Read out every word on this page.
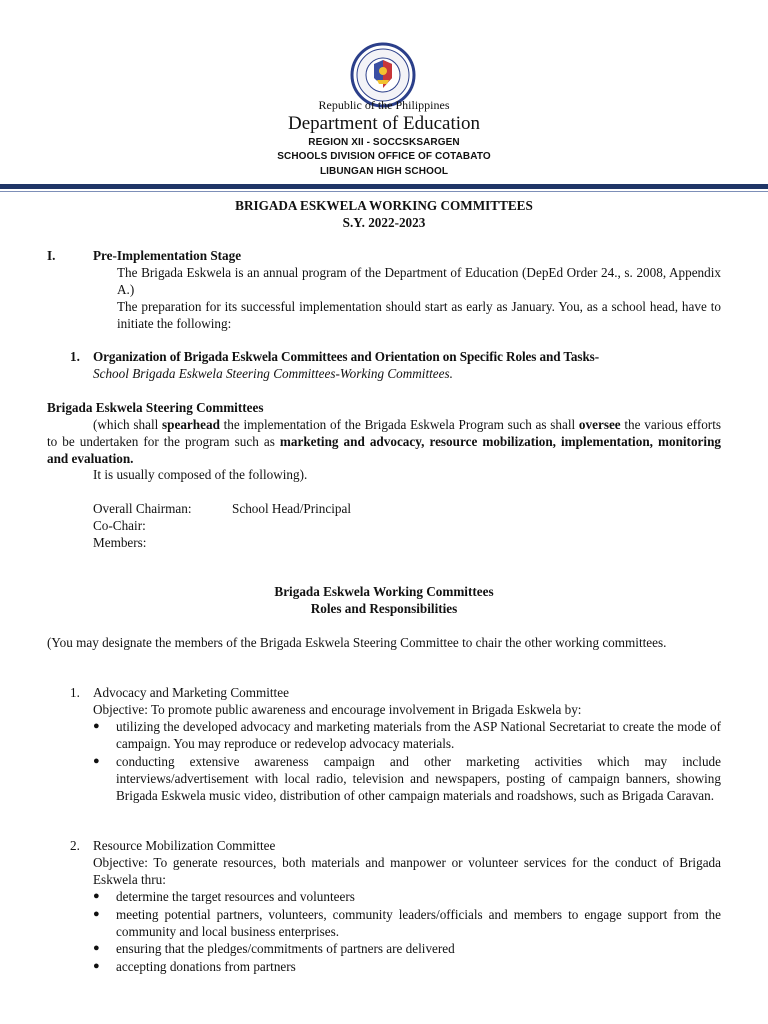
Republic of the Philippines
Department of Education
REGION XII - SOCCSKSARGEN
SCHOOLS DIVISION OFFICE OF COTABATO
LIBUNGAN HIGH SCHOOL
BRIGADA ESKWELA WORKING COMMITTEES
S.Y. 2022-2023
I.	Pre-Implementation Stage
The Brigada Eskwela is an annual program of the Department of Education (DepEd Order 24., s. 2008, Appendix A.)
The preparation for its successful implementation should start as early as January. You, as a school head, have to initiate the following:
1. Organization of Brigada Eskwela Committees and Orientation on Specific Roles and Tasks-
School Brigada Eskwela Steering Committees-Working Committees.
Brigada Eskwela Steering Committees
(which shall spearhead the implementation of the Brigada Eskwela Program such as shall oversee the various efforts to be undertaken for the program such as marketing and advocacy, resource mobilization, implementation, monitoring and evaluation.
It is usually composed of the following).
Overall Chairman:	School Head/Principal
Co-Chair:
Members:
Brigada Eskwela Working Committees
Roles and Responsibilities
(You may designate the members of the Brigada Eskwela Steering Committee to chair the other working committees.
1. Advocacy and Marketing Committee
Objective: To promote public awareness and encourage involvement in Brigada Eskwela by:
● utilizing the developed advocacy and marketing materials from the ASP National Secretariat to create the mode of campaign. You may reproduce or redevelop advocacy materials.
● conducting extensive awareness campaign and other marketing activities which may include interviews/advertisement with local radio, television and newspapers, posting of campaign banners, showing Brigada Eskwela music video, distribution of other campaign materials and roadshows, such as Brigada Caravan.
2. Resource Mobilization Committee
Objective: To generate resources, both materials and manpower or volunteer services for the conduct of Brigada Eskwela thru:
● determine the target resources and volunteers
● meeting potential partners, volunteers, community leaders/officials and members to engage support from the community and local business enterprises.
● ensuring that the pledges/commitments of partners are delivered
● accepting donations from partners
